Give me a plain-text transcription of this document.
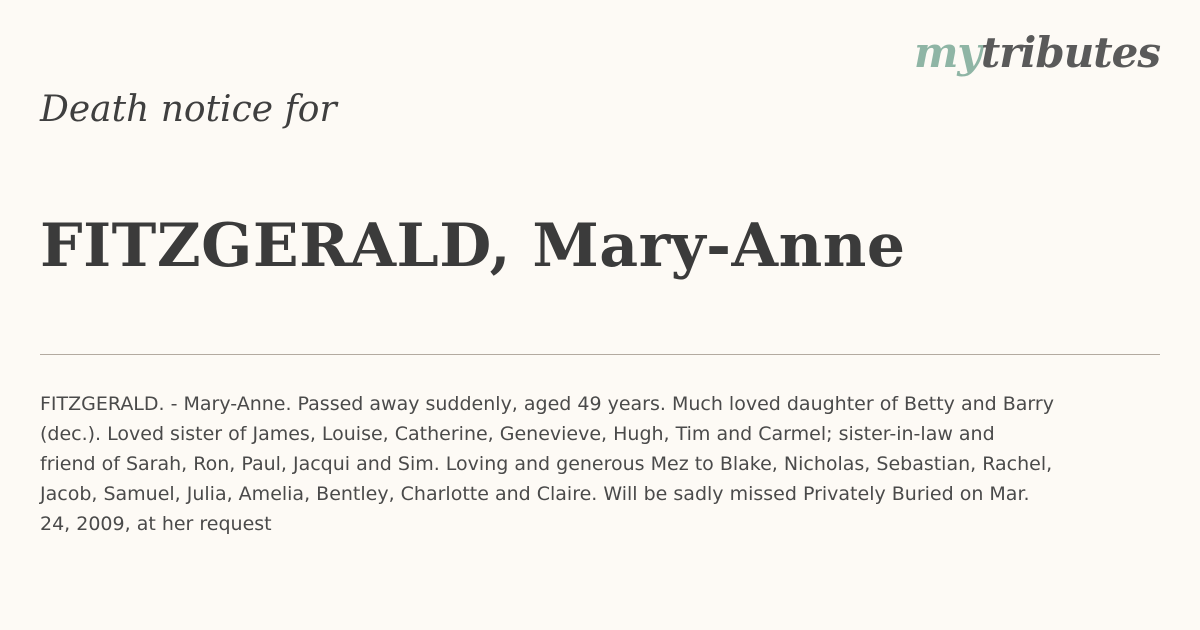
mytributes
Death notice for
FITZGERALD, Mary-Anne
FITZGERALD. - Mary-Anne. Passed away suddenly, aged 49 years. Much loved daughter of Betty and Barry
(dec.). Loved sister of James, Louise, Catherine, Genevieve, Hugh, Tim and Carmel; sister-in-law and
friend of Sarah, Ron, Paul, Jacqui and Sim. Loving and generous Mez to Blake, Nicholas, Sebastian, Rachel,
Jacob, Samuel, Julia, Amelia, Bentley, Charlotte and Claire. Will be sadly missed Privately Buried on Mar.
24, 2009, at her request
